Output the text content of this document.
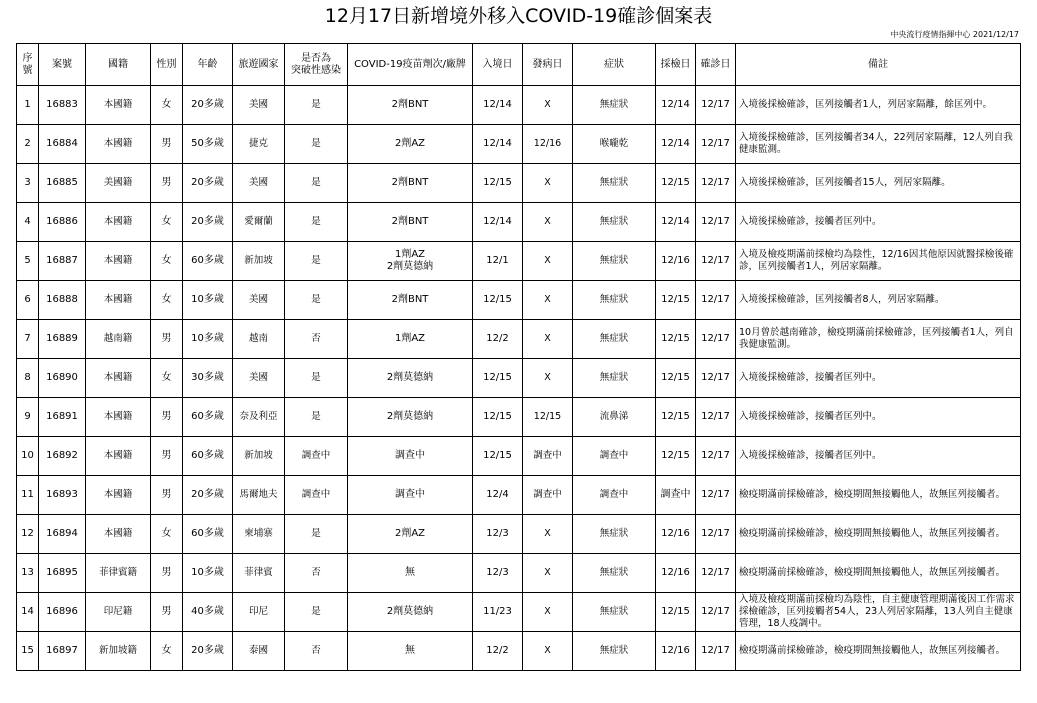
12月17日新增境外移入COVID-19確診個案表
中央流行疫情指揮中心 2021/12/17
序號	案號	國籍	性別	年齡	旅遊國家	是否為
突破性感染	COVID-19疫苗劑次/廠牌	入境日	發病日	症狀	採檢日	確診日	備註
1	16883	本國籍	女	20多歲	美國	是	2劑BNT	12/14	X	無症狀	12/14	12/17	入境後採檢確診，匡列接觸者1人，列居家隔離，餘匡列中。
2	16884	本國籍	男	50多歲	捷克	是	2劑AZ	12/14	12/16	喉嚨乾	12/14	12/17	入境後採檢確診，匡列接觸者34人，22列居家隔離，12人列自我健康監測。
3	16885	美國籍	男	20多歲	美國	是	2劑BNT	12/15	X	無症狀	12/15	12/17	入境後採檢確診，匡列接觸者15人，列居家隔離。
4	16886	本國籍	女	20多歲	愛爾蘭	是	2劑BNT	12/14	X	無症狀	12/14	12/17	入境後採檢確診，接觸者匡列中。
5	16887	本國籍	女	60多歲	新加坡	是	1劑AZ
2劑莫德納	12/1	X	無症狀	12/16	12/17	入境及檢疫期滿前採檢均為陰性，12/16因其他原因就醫採檢後確診，匡列接觸者1人，列居家隔離。
6	16888	本國籍	女	10多歲	美國	是	2劑BNT	12/15	X	無症狀	12/15	12/17	入境後採檢確診，匡列接觸者8人，列居家隔離。
7	16889	越南籍	男	10多歲	越南	否	1劑AZ	12/2	X	無症狀	12/15	12/17	10月曾於越南確診，檢疫期滿前採檢確診，匡列接觸者1人，列自我健康監測。
8	16890	本國籍	女	30多歲	美國	是	2劑莫德納	12/15	X	無症狀	12/15	12/17	入境後採檢確診，接觸者匡列中。
9	16891	本國籍	男	60多歲	奈及利亞	是	2劑莫德納	12/15	12/15	流鼻涕	12/15	12/17	入境後採檢確診，接觸者匡列中。
10	16892	本國籍	男	60多歲	新加坡	調查中	調查中	12/15	調查中	調查中	12/15	12/17	入境後採檢確診，接觸者匡列中。
11	16893	本國籍	男	20多歲	馬爾地夫	調查中	調查中	12/4	調查中	調查中	調查中	12/17	檢疫期滿前採檢確診，檢疫期間無接觸他人，故無匡列接觸者。
12	16894	本國籍	女	60多歲	柬埔寨	是	2劑AZ	12/3	X	無症狀	12/16	12/17	檢疫期滿前採檢確診，檢疫期間無接觸他人，故無匡列接觸者。
13	16895	菲律賓籍	男	10多歲	菲律賓	否	無	12/3	X	無症狀	12/16	12/17	檢疫期滿前採檢確診，檢疫期間無接觸他人，故無匡列接觸者。
14	16896	印尼籍	男	40多歲	印尼	是	2劑莫德納	11/23	X	無症狀	12/15	12/17	入境及檢疫期滿前採檢均為陰性，自主健康管理期滿後因工作需求採檢確診，匡列接觸者54人，23人列居家隔離，13人列自主健康管理，18人疫調中。
15	16897	新加坡籍	女	20多歲	泰國	否	無	12/2	X	無症狀	12/16	12/17	檢疫期滿前採檢確診，檢疫期間無接觸他人，故無匡列接觸者。
